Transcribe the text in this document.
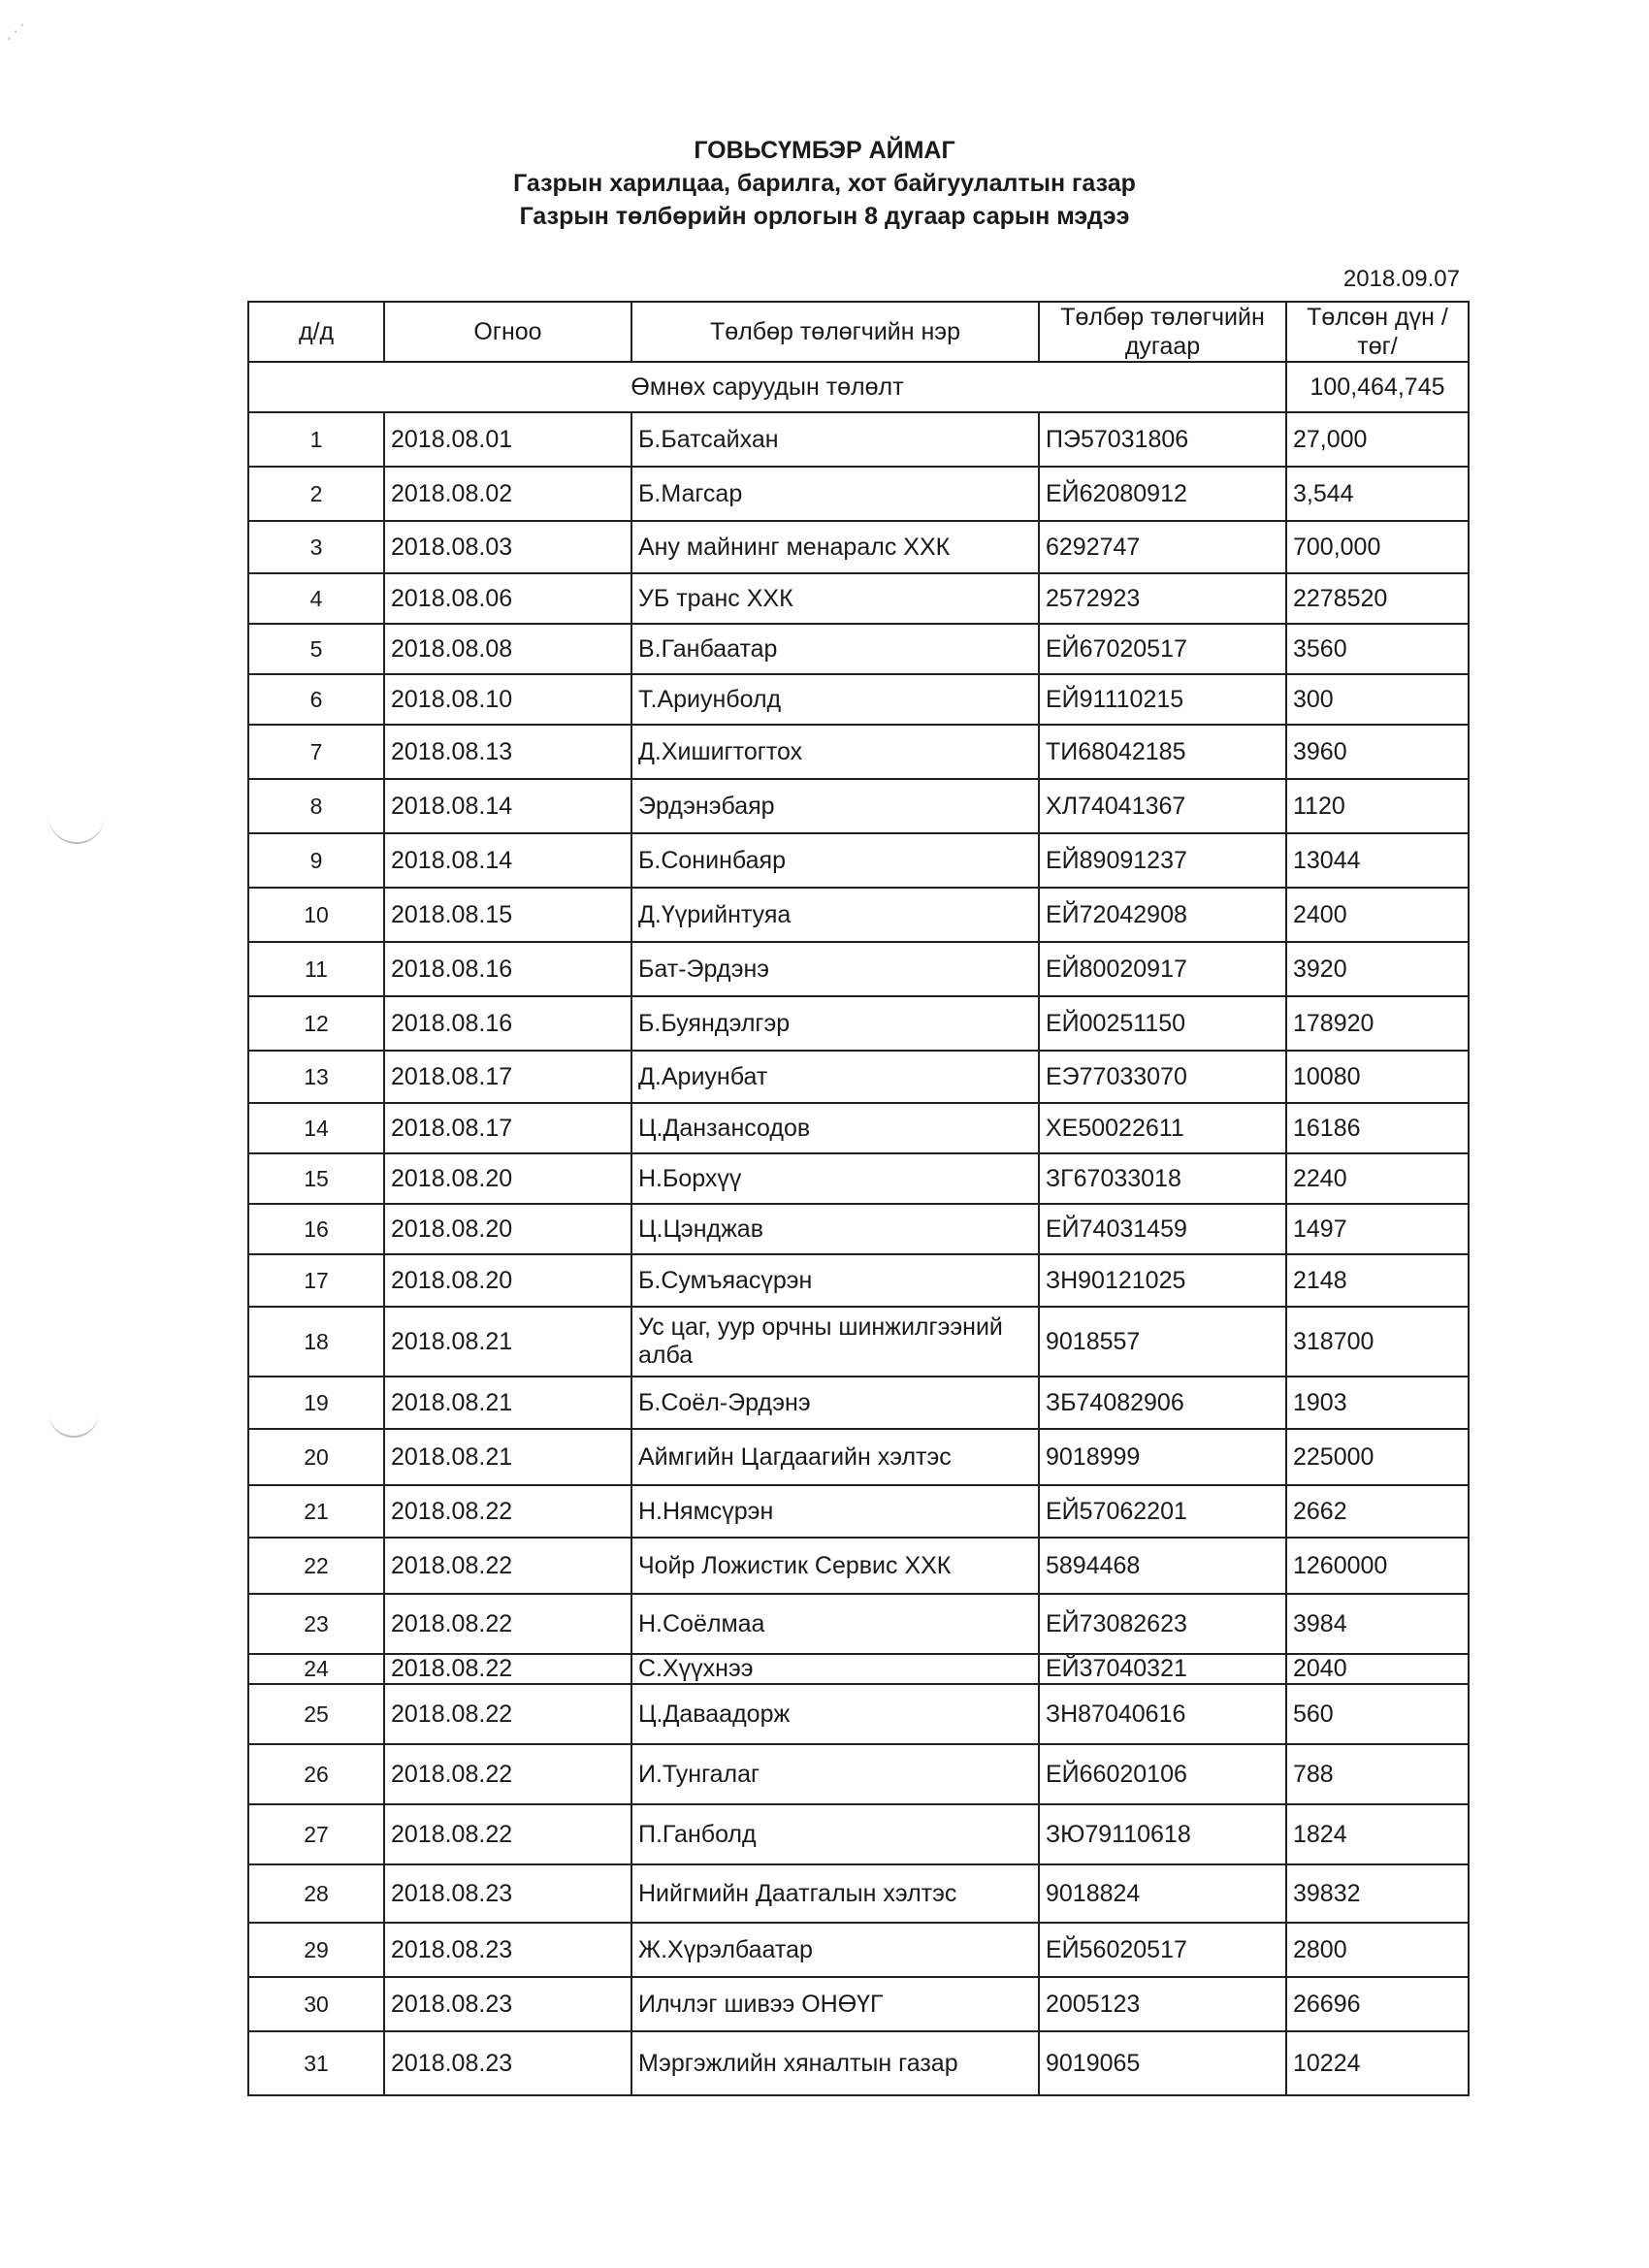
⋰
ГОВЬСҮМБЭР АЙМАГ
Газрын харилцаа, барилга, хот байгуулалтын газар
Газрын төлбөрийн орлогын 8 дугаар сарын мэдээ
2018.09.07
д/д	Огноо	Төлбөр төлөгчийн нэр	Төлбөр төлөгчийн дугаар	Төлсөн дүн /төг/
Өмнөх саруудын төлөлт				100,464,745
1	2018.08.01	Б.Батсайхан	ПЭ57031806	27,000
2	2018.08.02	Б.Магсар	ЕЙ62080912	3,544
3	2018.08.03	Ану майнинг менаралс ХХК	6292747	700,000
4	2018.08.06	УБ транс ХХК	2572923	2278520
5	2018.08.08	В.Ганбаатар	ЕЙ67020517	3560
6	2018.08.10	Т.Ариунболд	ЕЙ91110215	300
7	2018.08.13	Д.Хишигтогтох	ТИ68042185	3960
8	2018.08.14	Эрдэнэбаяр	ХЛ74041367	1120
9	2018.08.14	Б.Сонинбаяр	ЕЙ89091237	13044
10	2018.08.15	Д.Үүрийнтуяа	ЕЙ72042908	2400
11	2018.08.16	Бат-Эрдэнэ	ЕЙ80020917	3920
12	2018.08.16	Б.Буяндэлгэр	ЕЙ00251150	178920
13	2018.08.17	Д.Ариунбат	ЕЭ77033070	10080
14	2018.08.17	Ц.Данзансодов	ХЕ50022611	16186
15	2018.08.20	Н.Борхүү	ЗГ67033018	2240
16	2018.08.20	Ц.Цэнджав	ЕЙ74031459	1497
17	2018.08.20	Б.Сумъяасүрэн	ЗН90121025	2148
18	2018.08.21	Ус цаг, уур орчны шинжилгээний алба	9018557	318700
19	2018.08.21	Б.Соёл-Эрдэнэ	ЗБ74082906	1903
20	2018.08.21	Аймгийн Цагдаагийн хэлтэс	9018999	225000
21	2018.08.22	Н.Нямсүрэн	ЕЙ57062201	2662
22	2018.08.22	Чойр Ложистик Сервис ХХК	5894468	1260000
23	2018.08.22	Н.Соёлмаа	ЕЙ73082623	3984
24	2018.08.22	С.Хүүхнээ	ЕЙ37040321	2040
25	2018.08.22	Ц.Даваадорж	ЗН87040616	560
26	2018.08.22	И.Тунгалаг	ЕЙ66020106	788
27	2018.08.22	П.Ганболд	ЗЮ79110618	1824
28	2018.08.23	Нийгмийн Даатгалын хэлтэс	9018824	39832
29	2018.08.23	Ж.Хүрэлбаатар	ЕЙ56020517	2800
30	2018.08.23	Илчлэг шивээ ОНӨҮГ	2005123	26696
31	2018.08.23	Мэргэжлийн хяналтын газар	9019065	10224
